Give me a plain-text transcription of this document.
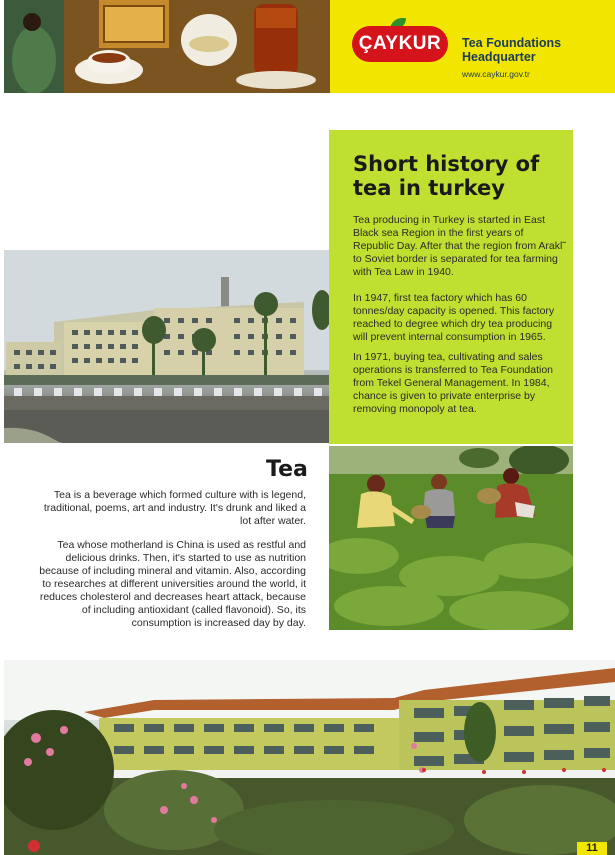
ÇAYKUR	Tea Foundations Headquarter
www.caykur.gov.tr
Short history of tea in turkey
Tea producing in Turkey is started in East Black sea Region in the first years of Republic Day. After that the region from Arakl˜ to Soviet border is separated for tea farming with Tea Law in 1940.
In 1947, first tea factory which has 60 tonnes/day capacity is opened. This factory reached to degree which dry tea producing will prevent internal consumption in 1965.
In 1971, buying tea, cultivating and sales operations is transferred to Tea Foundation from Tekel General Management. In 1984, chance is given to private enterprise by removing monopoly at tea.
Tea
Tea is a beverage which formed culture with is legend, traditional, poems, art and industry. It's drunk and liked a lot after water.
Tea whose motherland is China is used as restful and delicious drinks. Then, it's started to use as nutrition because of including mineral and vitamin. Also, according to researches at different universities around the world, it reduces cholesterol and decreases heart attack, because of including antioxidant (called flavonoid). So, its consumption is increased day by day.
11
